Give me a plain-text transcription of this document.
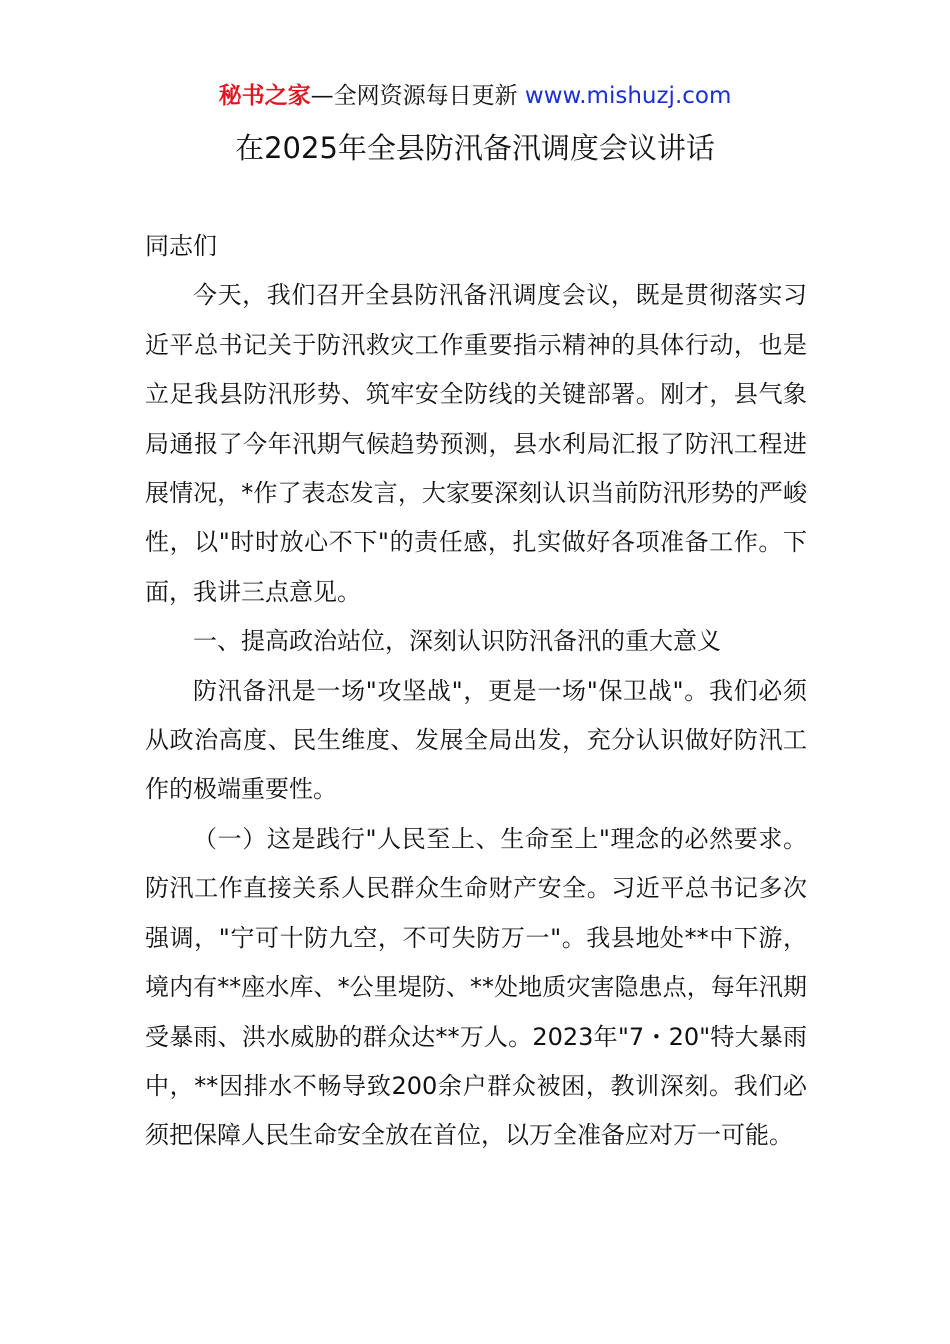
秘书之家—全网资源每日更新 www.mishuzj.com
在2025年全县防汛备汛调度会议讲话

同志们

今天，我们召开全县防汛备汛调度会议，既是贯彻落实习近平总书记关于防汛救灾工作重要指示精神的具体行动，也是立足我县防汛形势、筑牢安全防线的关键部署。刚才，县气象局通报了今年汛期气候趋势预测，县水利局汇报了防汛工程进展情况，*作了表态发言，大家要深刻认识当前防汛形势的严峻性，以"时时放心不下"的责任感，扎实做好各项准备工作。下面，我讲三点意见。

一、提高政治站位，深刻认识防汛备汛的重大意义

防汛备汛是一场"攻坚战"，更是一场"保卫战"。我们必须从政治高度、民生维度、发展全局出发，充分认识做好防汛工作的极端重要性。

（一）这是践行"人民至上、生命至上"理念的必然要求。防汛工作直接关系人民群众生命财产安全。习近平总书记多次强调，"宁可十防九空，不可失防万一"。我县地处**中下游，境内有**座水库、*公里堤防、**处地质灾害隐患点，每年汛期受暴雨、洪水威胁的群众达**万人。2023年"7・20"特大暴雨中，**因排水不畅导致200余户群众被困，教训深刻。我们必须把保障人民生命安全放在首位，以万全准备应对万一可能。
